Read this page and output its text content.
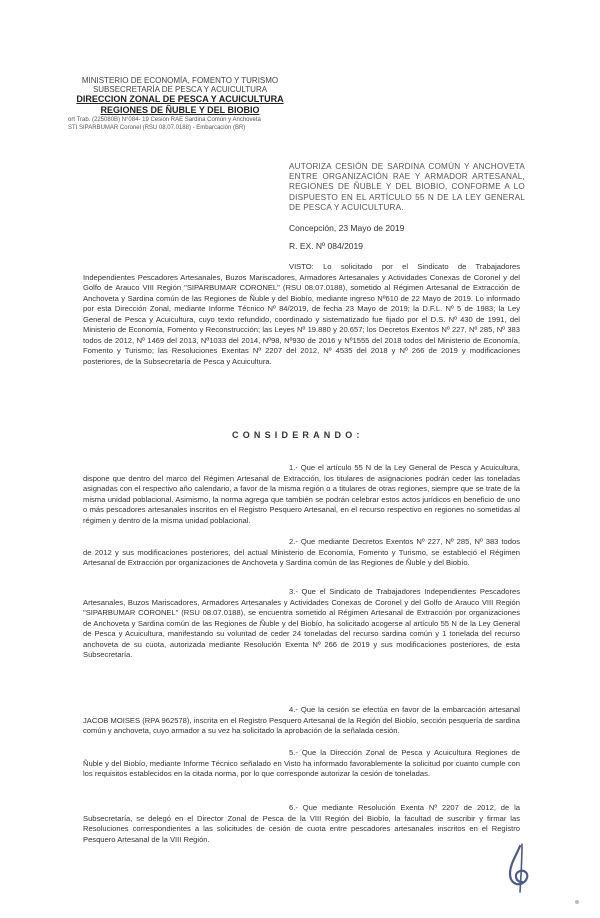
MINISTERIO DE ECONOMÍA, FOMENTO Y TURISMO
SUBSECRETARÍA DE PESCA Y ACUICULTURA
DIRECCION ZONAL DE PESCA Y ACUICULTURA
REGIONES DE ÑUBLE Y DEL BIOBIO
ort Trab. (225080B) N°084- 19 Cesión RAE Sardina Común y Anchoveta
STI SIPARBUMAR Coronel (RSU 08.07.0188) - Embarcación (BR)
AUTORIZA CESIÓN DE SARDINA COMÚN Y ANCHOVETA ENTRE ORGANIZACIÓN RAE Y ARMADOR ARTESANAL, REGIONES DE ÑUBLE Y DEL BIOBIO, CONFORME A LO DISPUESTO EN EL ARTÍCULO 55 N DE LA LEY GENERAL DE PESCA Y ACUICULTURA.
Concepción, 23 Mayo de 2019
R. EX. Nº 084/2019

VISTO: Lo solicitado por el Sindicato de Trabajadores Independientes Pescadores Artesanales, Buzos Mariscadores, Armadores Artesanales y Actividades Conexas de Coronel y del Golfo de Arauco VIII Región "SIPARBUMAR CORONEL" (RSU 08.07.0188), sometido al Régimen Artesanal de Extracción de Anchoveta y Sardina común de las Regiones de Ñuble y del Biobío, mediante ingreso Nº610 de 22 Mayo de 2019. Lo informado por esta Dirección Zonal, mediante Informe Técnico Nº 84/2019, de fecha 23 Mayo de 2019; la D.F.L. Nº 5 de 1983; la Ley General de Pesca y Acuicultura, cuyo texto refundido, coordinado y sistematizado fue fijado por el D.S. Nº 430 de 1991, del Ministerio de Economía, Fomento y Reconstrucción; las Leyes Nº 19.880 y 20.657; los Decretos Exentos Nº 227, Nº 285, Nº 383 todos de 2012, Nº 1469 del 2013, Nº1033 del 2014, Nº98, Nº930 de 2016 y Nº1555 del 2018 todos del Ministerio de Economía, Fomento y Turismo; las Resoluciones Exentas Nº 2207 del 2012, Nº 4535 del 2018 y Nº 266 de 2019 y modificaciones posteriores, de la Subsecretaría de Pesca y Acuicultura.

CONSIDERANDO:

1.- Que el artículo 55 N de la Ley General de Pesca y Acuicultura, dispone que dentro del marco del Régimen Artesanal de Extracción, los titulares de asignaciones podrán ceder las toneladas asignadas con el respectivo año calendario, a favor de la misma región o a titulares de otras regiones, siempre que se trate de la misma unidad poblacional. Asimismo, la norma agrega que también se podrán celebrar estos actos jurídicos en beneficio de uno o más pescadores artesanales inscritos en el Registro Pesquero Artesanal, en el recurso respectivo en regiones no sometidas al régimen y dentro de la misma unidad poblacional.

2.- Que mediante Decretos Exentos Nº 227, Nº 285, Nº 383 todos de 2012 y sus modificaciones posteriores, del actual Ministerio de Economía, Fomento y Turismo, se estableció el Régimen Artesanal de Extracción por organizaciones de Anchoveta y Sardina común de las Regiones de Ñuble y del Biobío.

3.- Que el Sindicato de Trabajadores Independientes Pescadores Artesanales, Buzos Mariscadores, Armadores Artesanales y Actividades Conexas de Coronel y del Golfo de Arauco VIII Región "SIPARBUMAR CORONEL" (RSU 08.07.0188), se encuentra sometido al Régimen Artesanal de Extracción por organizaciones de Anchoveta y Sardina común de las Regiones de Ñuble y del Biobío, ha solicitado acogerse al artículo 55 N de la Ley General de Pesca y Acuicultura, manifestando su voluntad de ceder 24 toneladas del recurso sardina común y 1 tonelada del recurso anchoveta de su cuota, autorizada mediante Resolución Exenta Nº 266 de 2019 y sus modificaciones posteriores, de esta Subsecretaría.

4.- Que la cesión se efectúa en favor de la embarcación artesanal JACOB MOISES (RPA 962578), inscrita en el Registro Pesquero Artesanal de la Región del Biobío, sección pesquería de sardina común y anchoveta, cuyo armador a su vez ha solicitado la aprobación de la señalada cesión.

5.- Que la Dirección Zonal de Pesca y Acuicultura Regiones de Ñuble y del Biobío, mediante Informe Técnico señalado en Visto ha informado favorablemente la solicitud por cuanto cumple con los requisitos establecidos en la citada norma, por lo que corresponde autorizar la cesión de toneladas.

6.- Que mediante Resolución Exenta Nº 2207 de 2012, de la Subsecretaría, se delegó en el Director Zonal de Pesca de la VIII Región del Biobío, la facultad de suscribir y firmar las Resoluciones correspondientes a las solicitudes de cesión de cuota entre pescadores artesanales inscritos en el Registro Pesquero Artesanal de la VIII Región.
